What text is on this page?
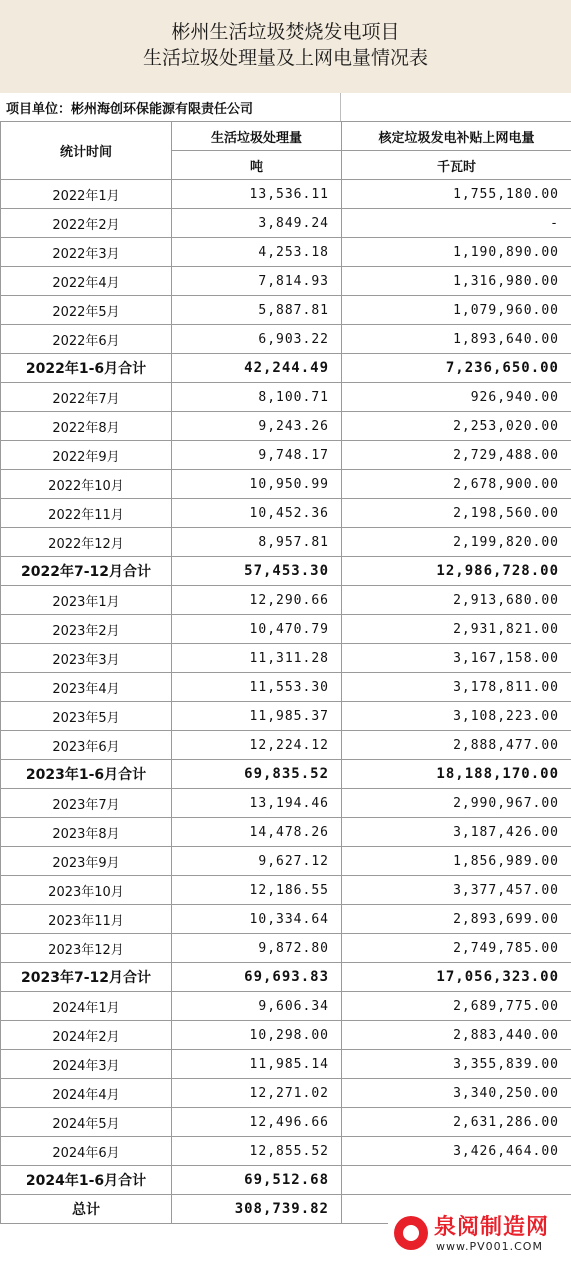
彬州生活垃圾焚烧发电项目
生活垃圾处理量及上网电量情况表
项目单位：彬州海创环保能源有限责任公司
统计时间	生活垃圾处理量	核定垃圾发电补贴上网电量
	吨	千瓦时
2022年1月	13,536.11	1,755,180.00
2022年2月	3,849.24	-
2022年3月	4,253.18	1,190,890.00
2022年4月	7,814.93	1,316,980.00
2022年5月	5,887.81	1,079,960.00
2022年6月	6,903.22	1,893,640.00
2022年1-6月合计	42,244.49	7,236,650.00
2022年7月	8,100.71	926,940.00
2022年8月	9,243.26	2,253,020.00
2022年9月	9,748.17	2,729,488.00
2022年10月	10,950.99	2,678,900.00
2022年11月	10,452.36	2,198,560.00
2022年12月	8,957.81	2,199,820.00
2022年7-12月合计	57,453.30	12,986,728.00
2023年1月	12,290.66	2,913,680.00
2023年2月	10,470.79	2,931,821.00
2023年3月	11,311.28	3,167,158.00
2023年4月	11,553.30	3,178,811.00
2023年5月	11,985.37	3,108,223.00
2023年6月	12,224.12	2,888,477.00
2023年1-6月合计	69,835.52	18,188,170.00
2023年7月	13,194.46	2,990,967.00
2023年8月	14,478.26	3,187,426.00
2023年9月	9,627.12	1,856,989.00
2023年10月	12,186.55	3,377,457.00
2023年11月	10,334.64	2,893,699.00
2023年12月	9,872.80	2,749,785.00
2023年7-12月合计	69,693.83	17,056,323.00
2024年1月	9,606.34	2,689,775.00
2024年2月	10,298.00	2,883,440.00
2024年3月	11,985.14	3,355,839.00
2024年4月	12,271.02	3,340,250.00
2024年5月	12,496.66	2,631,286.00
2024年6月	12,855.52	3,426,464.00
2024年1-6月合计	69,512.68	
总计	308,739.82	
泉阅制造网
www.PV001.COM
